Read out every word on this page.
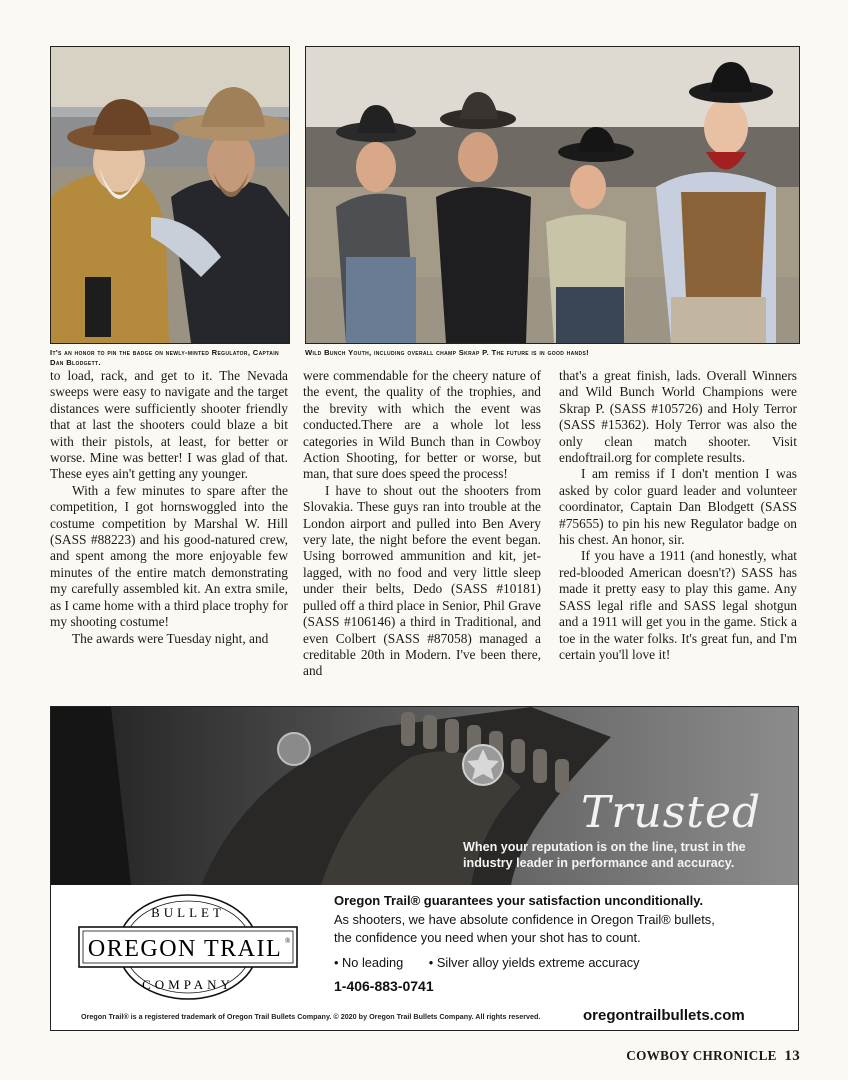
It's an honor to pin the badge on newly-minted Regulator, Captain Dan Blodgett.
Wild Bunch Youth, including overall champ Skrap P. The future is in good hands!

to load, rack, and get to it. The Nevada sweeps were easy to navigate and the target distances were sufficiently shooter friendly that at last the shooters could blaze a bit with their pistols, at least, for better or worse. Mine was better! I was glad of that. These eyes ain't getting any younger.

With a few minutes to spare after the competition, I got hornswoggled into the costume competition by Marshal W. Hill (SASS #88223) and his good-natured crew, and spent among the more enjoyable few minutes of the entire match demonstrating my carefully assembled kit. An extra smile, as I came home with a third place trophy for my shooting costume!

The awards were Tuesday night, and

were commendable for the cheery nature of the event, the quality of the trophies, and the brevity with which the event was conducted.There are a whole lot less categories in Wild Bunch than in Cowboy Action Shooting, for better or worse, but man, that sure does speed the process!

I have to shout out the shooters from Slovakia. These guys ran into trouble at the London airport and pulled into Ben Avery very late, the night before the event began. Using borrowed ammunition and kit, jet-lagged, with no food and very little sleep under their belts, Dedo (SASS #10181) pulled off a third place in Senior, Phil Grave (SASS #106146) a third in Traditional, and even Colbert (SASS #87058) managed a creditable 20th in Modern. I've been there, and

that's a great finish, lads. Overall Winners and Wild Bunch World Champions were Skrap P. (SASS #105726) and Holy Terror (SASS #15362). Holy Terror was also the only clean match shooter. Visit endoftrail.org for complete results.

I am remiss if I don't mention I was asked by color guard leader and volunteer coordinator, Captain Dan Blodgett (SASS #75655) to pin his new Regulator badge on his chest. An honor, sir.

If you have a 1911 (and honestly, what red-blooded American doesn't?) SASS has made it pretty easy to play this game. Any SASS legal rifle and SASS legal shotgun and a 1911 will get you in the game. Stick a toe in the water folks. It's great fun, and I'm certain you'll love it!

Trusted
When your reputation is on the line, trust in the
industry leader in performance and accuracy.
BULLET
OREGON TRAIL ®
COMPANY
Oregon Trail® guarantees your satisfaction unconditionally.
As shooters, we have absolute confidence in Oregon Trail® bullets,
the confidence you need when your shot has to count.
• No leading • Silver alloy yields extreme accuracy
1-406-883-0741
Oregon Trail® is a registered trademark of Oregon Trail Bullets Company. © 2020 by Oregon Trail Bullets Company. All rights reserved.	oregontrailbullets.com
COWBOY CHRONICLE 13
